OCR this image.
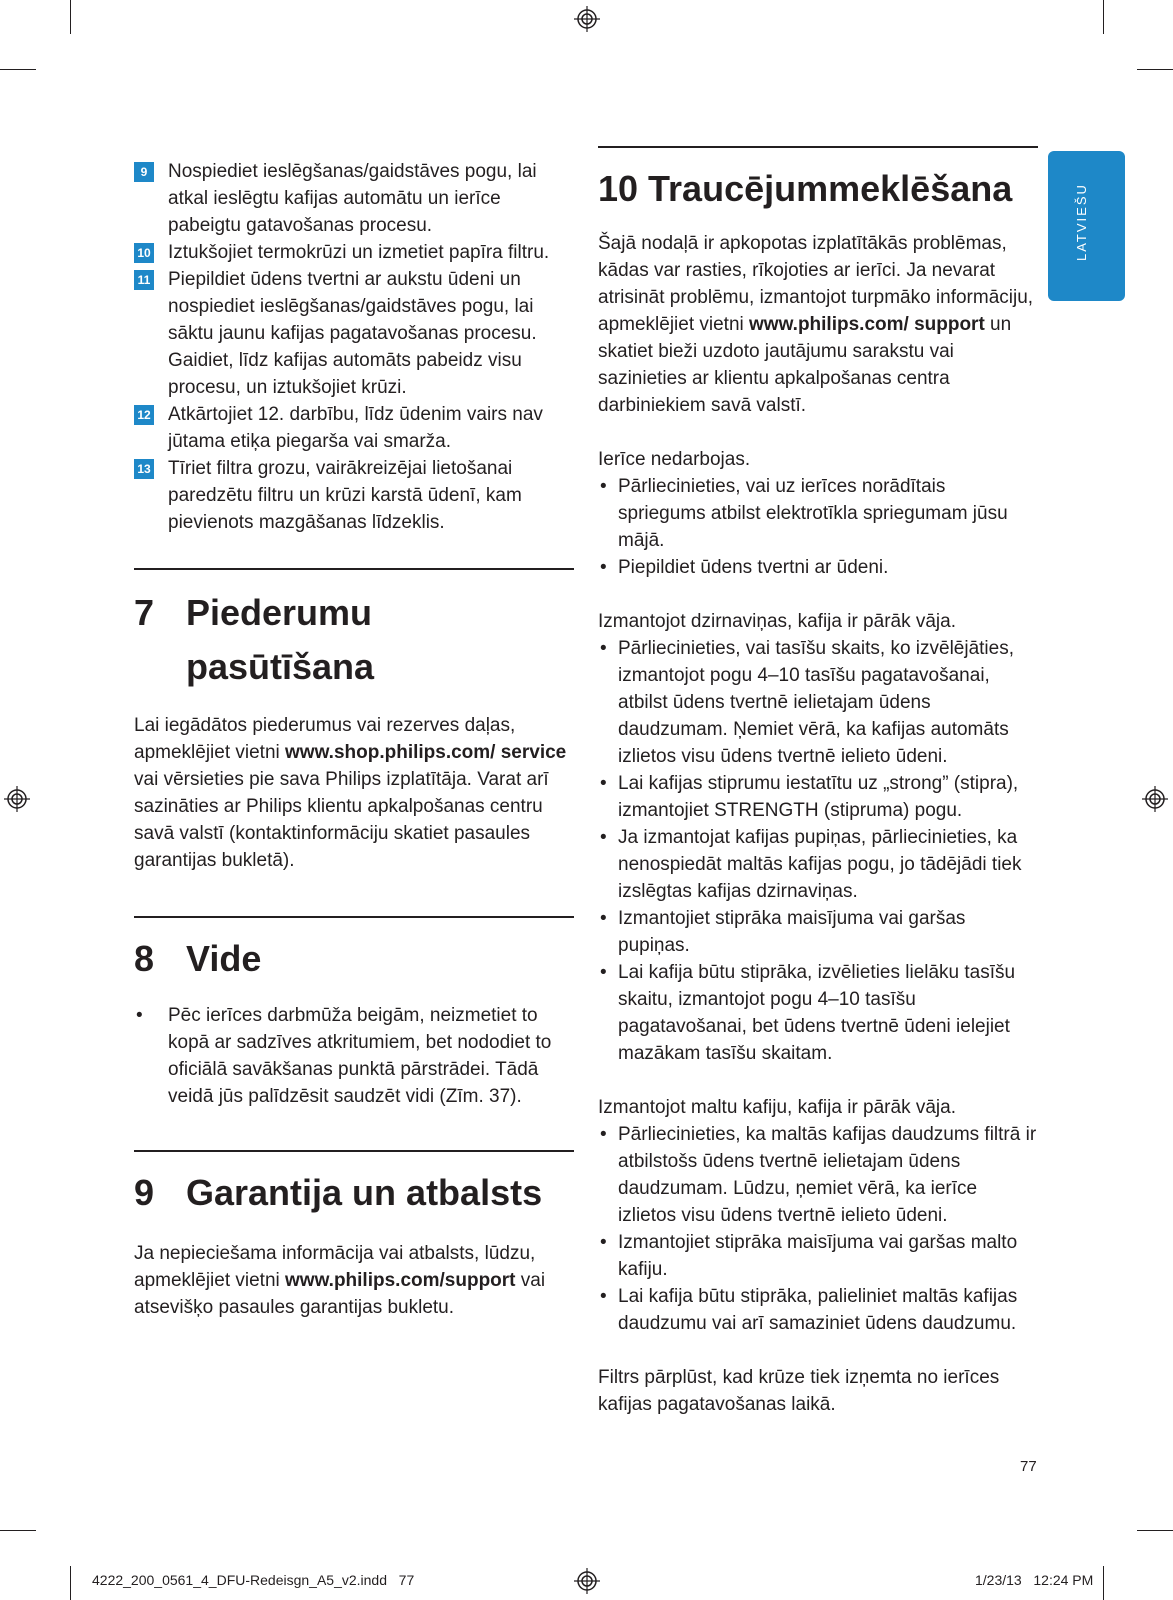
9	Nospiediet ieslēgšanas/gaidstāves pogu, lai atkal ieslēgtu kafijas automātu un ierīce pabeigtu gatavošanas procesu.
10 Iztukšojiet termokrūzi un izmetiet papīra filtru.
11 Piepildiet ūdens tvertni ar aukstu ūdeni un nospiediet ieslēgšanas/gaidstāves pogu, lai sāktu jaunu kafijas pagatavošanas procesu. Gaidiet, līdz kafijas automāts pabeidz visu procesu, un iztukšojiet krūzi.
12 Atkārtojiet 12. darbību, līdz ūdenim vairs nav jūtama etiķa piegarša vai smarža.
13 Tīriet filtra grozu, vairākreizējai lietošanai paredzētu filtru un krūzi karstā ūdenī, kam pievienots mazgāšanas līdzeklis.
7 Piederumu
pasūtīšana

Lai iegādātos piederumus vai rezerves daļas, apmeklējiet vietni www.shop.philips.com/ service vai vērsieties pie sava Philips izplatītāja. Varat arī sazināties ar Philips klientu apkalpošanas centru savā valstī (kontaktinformāciju skatiet pasaules garantijas bukletā).

8 Vide
• Pēc ierīces darbmūža beigām, neizmetiet to kopā ar sadzīves atkritumiem, bet nododiet to oficiālā savākšanas punktā pārstrādei. Tādā veidā jūs palīdzēsit saudzēt vidi (Zīm. 37).
9 Garantija un atbalsts

Ja nepieciešama informācija vai atbalsts, lūdzu, apmeklējiet vietni www.philips.com/support vai atsevišķo pasaules garantijas bukletu.

10 Traucējummeklēšana

Šajā nodaļā ir apkopotas izplatītākās problēmas, kādas var rasties, rīkojoties ar ierīci. Ja nevarat atrisināt problēmu, izmantojot turpmāko informāciju, apmeklējiet vietni www.philips.com/ support un skatiet bieži uzdoto jautājumu sarakstu vai sazinieties ar klientu apkalpošanas centra darbiniekiem savā valstī.

Ierīce nedarbojas.

• Pārliecinieties, vai uz ierīces norādītais spriegums atbilst elektrotīkla spriegumam jūsu mājā.
• Piepildiet ūdens tvertni ar ūdeni.

Izmantojot dzirnaviņas, kafija ir pārāk vāja.

• Pārliecinieties, vai tasīšu skaits, ko izvēlējāties, izmantojot pogu 4–10 tasīšu pagatavošanai, atbilst ūdens tvertnē ielietajam ūdens daudzumam. Ņemiet vērā, ka kafijas automāts izlietos visu ūdens tvertnē ielieto ūdeni.
• Lai kafijas stiprumu iestatītu uz „strong” (stipra), izmantojiet STRENGTH (stipruma) pogu.
• Ja izmantojat kafijas pupiņas, pārliecinieties, ka nenospiedāt maltās kafijas pogu, jo tādējādi tiek izslēgtas kafijas dzirnaviņas.
• Izmantojiet stiprāka maisījuma vai garšas pupiņas.
• Lai kafija būtu stiprāka, izvēlieties lielāku tasīšu skaitu, izmantojot pogu 4–10 tasīšu pagatavošanai, bet ūdens tvertnē ūdeni ielejiet mazākam tasīšu skaitam.

Izmantojot maltu kafiju, kafija ir pārāk vāja.

• Pārliecinieties, ka maltās kafijas daudzums filtrā ir atbilstošs ūdens tvertnē ielietajam ūdens daudzumam. Lūdzu, ņemiet vērā, ka ierīce izlietos visu ūdens tvertnē ielieto ūdeni.
• Izmantojiet stiprāka maisījuma vai garšas malto kafiju.
• Lai kafija būtu stiprāka, palieliniet maltās kafijas daudzumu vai arī samaziniet ūdens daudzumu.

Filtrs pārplūst, kad krūze tiek izņemta no ierīces kafijas pagatavošanas laikā.

LATVIEŠU
77
4222_200_0561_4_DFU-Redeisgn_A5_v2.indd   77	1/23/13   12:24 PM
